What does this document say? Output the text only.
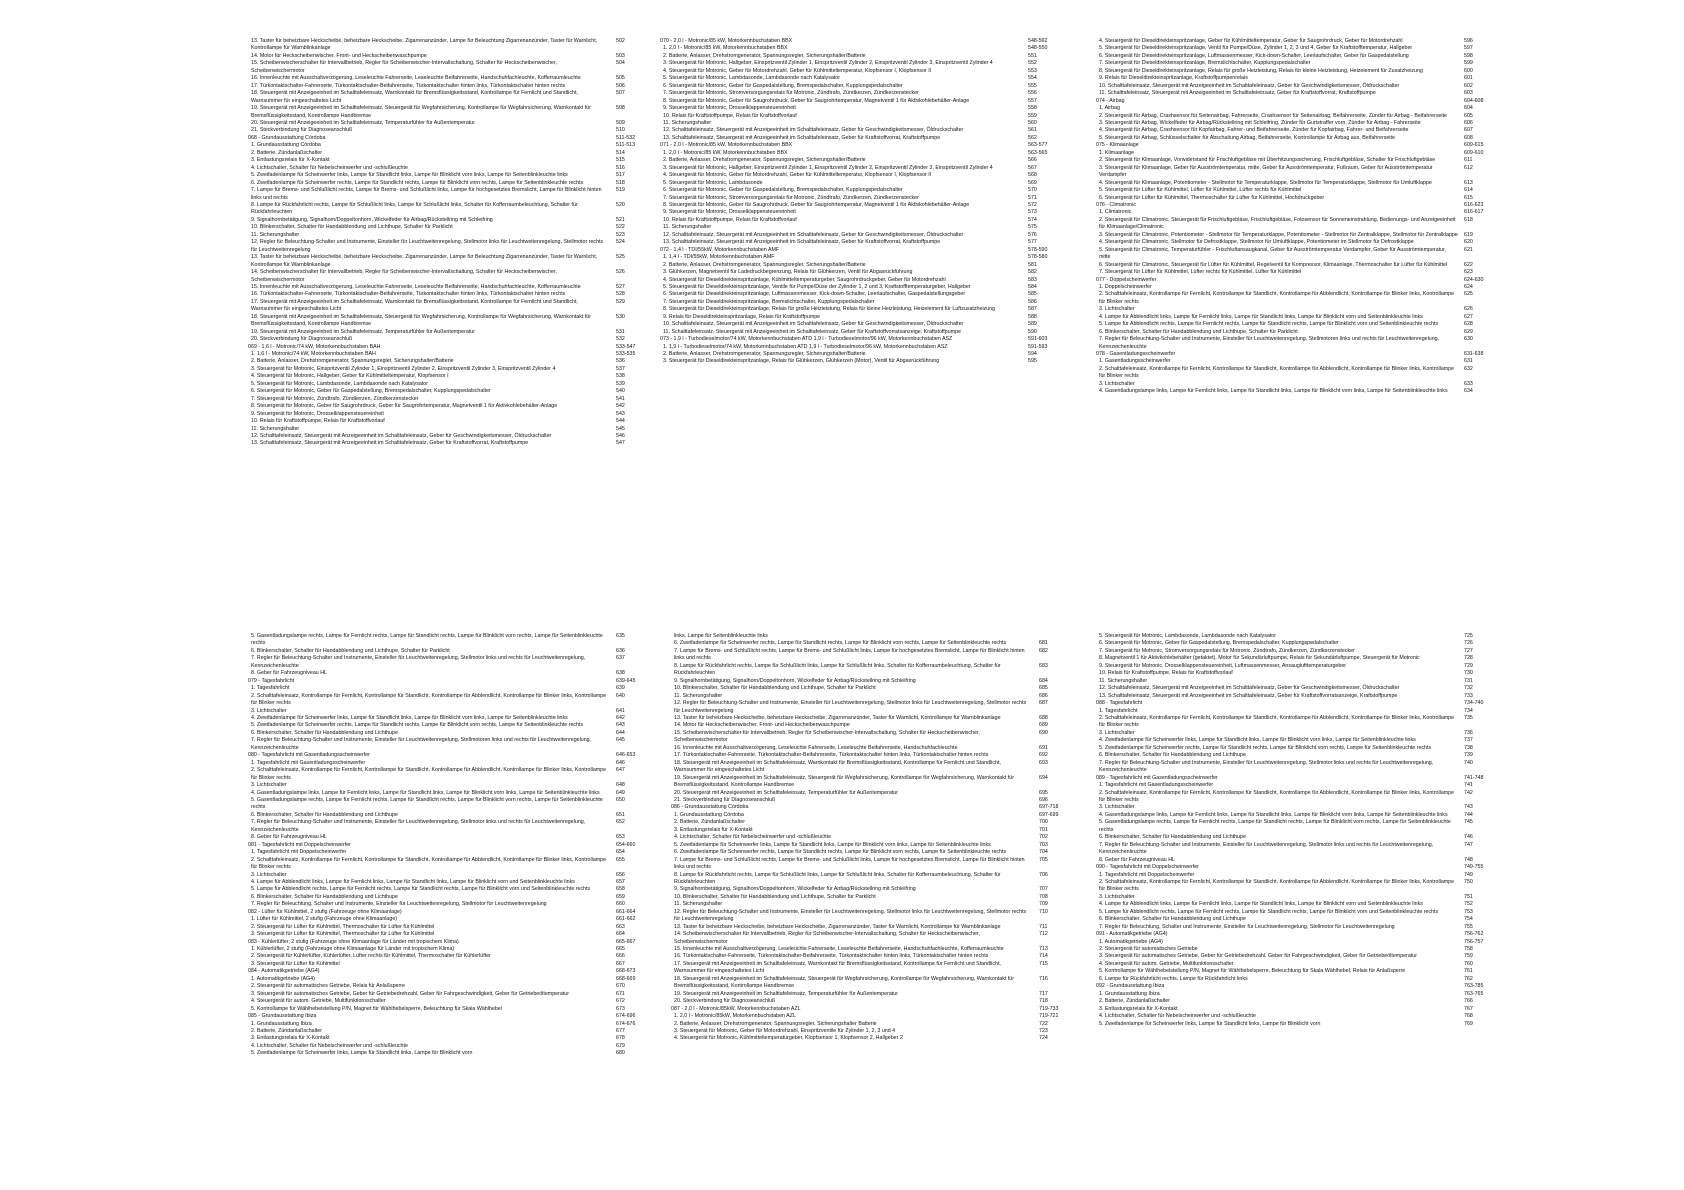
13. Taster für beheizbare Heckscheibe, beheizbare Heckscheibe, Zigarrenanzünder, Lampe für Beleuchtung Zigarrenanzünder, Taster für Warnlicht, Kontrollampe für Warnblinkanlage
502
14. Motor für Heckscheibenwischer, Front- und Heckscheibenwaschpumpe	503
15. Scheibenwischerschalter für Intervallbetrieb, Regler für Scheibenwischer-Intervallschaltung, Schalter für Heckscheibenwischer, Scheibenwischermotor
504
16. Innenleuchte mit Ausschaltverzögerung, Leseleuchte Fahrerseite, Leseleuchte Beifahrerseite, Handschuhfachleuchte, Kofferraumleuchte	505
17. Türkontaktschalter-Fahrerseite, Türkontaktschalter-Beifahrerseite, Türkontaktschalter hinten links, Türkontaktschalter hinten rechts	506
18. Steuergerät mit Anzeigeeinheit im Schalttafeleinsatz, Warnkontakt für Bremsflüssigkeitsstand, Kontrollampe für Fernlicht und Standlicht, Warnsummer für eingeschaltetes Licht
507
19. Steuergerät mit Anzeigeeinheit im Schalttafeleinsatz, Steuergerät für Wegfahrsicherung, Kontrollampe für Wegfahrsicherung, Warnkontakt für Bremsflüssigkeitsstand, Kontrollampe Handbremse
508
20. Steuergerät mit Anzeigeeinheit im Schalttafeleinsatz, Temperaturfühler für Außentemperatur	509
21. Steckverbindung für Diagnoseanschluß	510
068 - Grundausstattung Córdoba	511-532
1. Grundausstattung Córdoba	511-513
2. Batterie, Zündanlaßschalter	514
3. Entlastungsrelais für X-Kontakt	515
4. Lichtschalter, Schalter für Nebelscheinwerfer und -schlußleuchte	516
5. Zweifadenlampe für Scheinwerfer links, Lampe für Standlicht links, Lampe für Blinklicht vorn links, Lampe für Seitenblinkleuchte links	517
6. Zweifadenlampe für Scheinwerfer rechts, Lampe für Standlicht rechts, Lampe für Blinklicht vorn rechts, Lampe für Seitenblinkleuchte rechts	518
7. Lampe für Brems- und Schlußlicht rechts, Lampe für Brems- und Schlußlicht links, Lampe für hochgesetztes Bremslicht, Lampe für Blinklicht hinten links und rechts
519
8. Lampe für Rückfahrlicht rechts, Lampe für Schlußlicht links, Lampe für Schlußlicht links, Schalter für Kofferraumbeleuchtung, Schalter für Rückfahrleuchten
520
9. Signalhornbetätigung, Signalhorn/Doppeltonhorn, Wickelfeder für Airbag/Rückstellring mit Schleifring	521
10. Blinkerschalter, Schalter für Handabblendung und Lichthupe, Schalter für Parklicht	522
11. Sicherungshalter	523
12. Regler für Beleuchtung-Schalter und Instrumente, Einsteller für Leuchtweitenregelung, Stellmotor links für Leuchtweitenregelung, Stellmotor rechts für Leuchtweitenregelung
524
13. Taster für beheizbare Heckscheibe, beheizbare Heckscheibe, Zigarrenanzünder, Lampe für Beleuchtung Zigarrenanzünder, Taster für Warnlicht, Kontrollampe für Warnblinkanlage
525
14. Scheibenwischerschalter für Intervallbetrieb, Regler für Scheibenwischer-Intervallschaltung, Schalter für Heckscheibenwischer, Scheibenwischermotor
526
15. Innenleuchte mit Ausschaltverzögerung, Leseleuchte Fahrerseite, Leseleuchte Beifahrerseite, Handschuhfachleuchte, Kofferraumleuchte	527
16. Türkontaktschalter-Fahrerseite, Türkontaktschalter-Beifahrerseite, Türkontaktschalter hinten links, Türkontaktschalter hinten rechts	528
17. Steuergerät mit Anzeigeeinheit im Schalttafeleinsatz, Warnkontakt für Bremsflüssigkeitsstand, Kontrollampe für Fernlicht und Standlicht, Warnsummer für eingeschaltetes Licht
529
18. Steuergerät mit Anzeigeeinheit im Schalttafeleinsatz, Steuergerät für Wegfahrsicherung, Kontrollampe für Wegfahrsicherung, Warnkontakt für Bremsflüssigkeitsstand, Kontrollampe Handbremse
530
19. Steuergerät mit Anzeigeeinheit im Schalttafeleinsatz, Temperaturfühler für Außentemperatur	531
20. Steckverbindung für Diagnoseanschluß	532
069 - 1,6 l - Motronic/74 kW, Motorkennbuchstaben BAH	533-547
1. 1,6 l - Motronic/74 kW, Motorkennbuchstaben BAH	533-535
2. Batterie, Anlasser, Drehstromgenerator, Spannungsregler, Sicherungshalter/Batterie	536
3. Steuergerät für Motronic, Einspritzventil Zylinder 1, Einspritzventil Zylinder 2, Einspritzventil Zylinder 3, Einspritzventil Zylinder 4	537
4. Steuergerät für Motronic, Hallgeber, Geber für Kühlmitteltemperatur, Klopfsensor I	538
5. Steuergerät für Motronic, Lambdasonde, Lambdasonde nach Katalysator	539
6. Steuergerät für Motronic, Geber für Gaspedalstellung, Bremspedalschalter, Kupplungspedalschalter	540
7. Steuergerät für Motronic, Zündtrafo, Zündkerzen, Zündkerzenstecker	541
8. Steuergerät für Motronic, Geber für Saugrohrdruck, Geber für Saugrohrtemperatur, Magnetventil 1 für Aktivkohlebehälter-Anlage	542
9. Steuergerät für Motronic, Drosselklappensteuereinheit	543
10. Relais für Kraftstoffpumpe, Relais für Kraftstoffvorlauf	544
11. Sicherungshalter	545
12. Schalttafeleinsatz, Steuergerät mit Anzeigeeinheit im Schalttafeleinsatz, Geber für Geschwindigkeitsmesser, Öldruckschalter	546
13. Schalttafeleinsatz, Steuergerät mit Anzeigeeinheit im Schalttafeleinsatz, Geber für Kraftstoffvorrat, Kraftstoffpumpe	547
070 - 2,0 l - Motronic/85 kW, Motorkennbuchstaben BBX	548-562
1. 2,0 l - Motronic/85 kW, Motorkennbuchstaben BBX	548-550
2. Batterie, Anlasser, Drehstromgenerator, Spannungsregler, Sicherungshalter/Batterie	551
3. Steuergerät für Motronic, Hallgeber, Einspritzventil Zylinder 1, Einspritzventil Zylinder 2, Einspritzventil Zylinder 3, Einspritzventil Zylinder 4	552
4. Steuergerät für Motronic, Geber für Motordrehzahl, Geber für Kühlmitteltemperatur, Klopfsensor I, Klopfsensor II	553
5. Steuergerät für Motronic, Lambdasonde, Lambdasonde nach Katalysator	554
6. Steuergerät für Motronic, Geber für Gaspedalstellung, Bremspedalschalter, Kupplungspedalschalter	555
7. Steuergerät für Motronic, Stromversorgungsrelais für Motronic, Zündtrafo, Zündkerzen, Zündkerzenstecker	556
8. Steuergerät für Motronic, Geber für Saugrohrdruck, Geber für Saugrohrtemperatur, Magnetventil 1 für Aktivkohlebehälter-Anlage	557
9. Steuergerät für Motronic, Drosselklappensteuereinheit	558
10. Relais für Kraftstoffpumpe, Relais für Kraftstoffvorlauf	559
11. Sicherungshalter	560
12. Schalttafeleinsatz, Steuergerät mit Anzeigeeinheit im Schalttafeleinsatz, Geber für Geschwindigkeitsmesser, Öldruckschalter	561
13. Schalttafeleinsatz, Steuergerät mit Anzeigeeinheit im Schalttafeleinsatz, Geber für Kraftstoffvorrat, Kraftstoffpumpe	562
071 - 2,0 l - Motronic/85 kW, Motorkennbuchstaben BBX	563-577
1. 2,0 l - Motronic/85 kW, Motorkennbuchstaben BBX	563-565
2. Batterie, Anlasser, Drehstromgenerator, Spannungsregler, Sicherungshalter/Batterie	566
3. Steuergerät für Motronic, Hallgeber, Einspritzventil Zylinder 1, Einspritzventil Zylinder 2, Einspritzventil Zylinder 3, Einspritzventil Zylinder 4	567
4. Steuergerät für Motronic, Geber für Motordrehzahl, Geber für Kühlmitteltemperatur, Klopfsensor I, Klopfsensor II	568
5. Steuergerät für Motronic, Lambdasonde	569
6. Steuergerät für Motronic, Geber für Gaspedalstellung, Bremspedalschalter, Kupplungspedalschalter	570
7. Steuergerät für Motronic, Stromversorgungsrelais für Motronic, Zündtrafo, Zündkerzen, Zündkerzenstecker	571
8. Steuergerät für Motronic, Geber für Saugrohrdruck, Geber für Saugrohrtemperatur, Magnetventil 1 für Aktivkohlebehälter-Anlage	572
9. Steuergerät für Motronic, Drosselklappensteuereinheit	573
10. Relais für Kraftstoffpumpe, Relais für Kraftstoffvorlauf	574
11. Sicherungshalter	575
12. Schalttafeleinsatz, Steuergerät mit Anzeigeeinheit im Schalttafeleinsatz, Geber für Geschwindigkeitsmesser, Öldruckschalter	576
13. Schalttafeleinsatz, Steuergerät mit Anzeigeeinheit im Schalttafeleinsatz, Geber für Kraftstoffvorrat, Kraftstoffpumpe	577
072 - 1,4 l - TDI/55kW, Motorkennbuchstaben AMF	578-590
1. 1,4 l - TDI/55kW, Motorkennbuchstaben AMF	578-580
2. Batterie, Anlasser, Drehstromgenerator, Spannungsregler, Sicherungshalter/Batterie	581
3. Glühkerzen, Magnetventil für Ladedruckbegrenzung, Relais für Glühkerzen, Ventil für Abgasrückführung	582
4. Steuergerät für Dieseldirekteinspritzanlage, Kühlmitteltemperaturgeber, Saugrohrdruckgeber, Geber für Motordrehzahl	583
5. Steuergerät für Dieseldirekteinspritzanlage, Ventile für Pumpe/Düse der Zylinder 1, 2 und 3, Kraftstofftemperaturgeber, Hallgeber	584
6. Steuergerät für Dieseldirekteinspritzanlage, Luftmassenmesser, Kick-down-Schalter, Leerlaufschalter, Gaspedalstellungsgeber	585
7. Steuergerät für Dieseldirekteinspritzanlage, Bremslichtschalter, Kupplungspedalschalter	586
8. Steuergerät für Dieseldirekteinspritzanlage, Relais für große Heizleistung, Relais für kleine Heizleistung, Heizelement für Luftzusatzheizung	587
9. Relais für Dieseldirekteinspritzanlage, Relais für Kraftstoffpumpe	588
10. Schalttafeleinsatz, Steuergerät mit Anzeigeeinheit im Schalttafeleinsatz, Geber für Geschwindigkeitsmesser, Öldruckschalter	589
11. Schalttafeleinsatz, Steuergerät mit Anzeigeeinheit im Schalttafeleinsatz, Geber für Kraftstoffvorratsanzeige, Kraftstoffpumpe	590
073 - 1,9 l - Turbodieselmotor/74 kW, Motorkennbuchstaben ATD 1,9 l - Turbodieselmotor/96 kW, Motorkennbuchstaben ASZ	591-603
1. 1,9 l - Turbodieselmotor/74 kW, Motorkennbuchstaben ATD 1,9 l - Turbodieselmotor/96 kW, Motorkennbuchstaben ASZ	591-593
2. Batterie, Anlasser, Drehstromgenerator, Spannungsregler, Sicherungshalter/Batterie	594
3. Steuergerät für Dieseldirekteinspritzanlage, Relais für Glühkerzen, Glühkerzen (Motor), Ventil für Abgasrückführung	595
4. Steuergerät für Dieseldirekteinspritzanlage, Geber für Kühlmitteltemperatur, Geber für Saugrohrdruck, Geber für Motordrehzahl	596
5. Steuergerät für Dieseldirekteinspritzanlage, Ventil für Pumpe/Düse, Zylinder 1, 2, 3 und 4, Geber für Kraftstofftemperatur, Hallgeber	597
6. Steuergerät für Dieseldirekteinspritzanlage, Luftmassenmesser, Kick-down-Schalter, Leerlaufschalter, Geber für Gaspedalstellung	598
7. Steuergerät für Dieseldirekteinspritzanlage, Bremslichtschalter, Kupplungspedalschalter	599
8. Steuergerät für Dieseldirekteinspritzanlage, Relais für große Heizleistung, Relais für kleine Heizleistung, Heizelement für Zusatzheizung	600
9. Relais für Dieseldirekteinspritzanlage, Kraftstoffpumpenrelais	601
10. Schalttafeleinsatz, Steuergerät mit Anzeigeeinheit im Schalttafeleinsatz, Geber für Geschwindigkeitsmesser, Öldruckschalter	602
11. Schalttafeleinsatz, Steuergerät mit Anzeigeeinheit im Schalttafeleinsatz, Geber für Kraftstoffvorrat, Kraftstoffpumpe	603
074 - Airbag	604-608
1. Airbag	604
2. Steuergerät für Airbag, Crashsensor für Seitenairbag, Fahrerseite, Crashsensor für Seitenairbag, Beifahrerseite, Zünder für Airbag - Beifahrerseite	605
3. Steuergerät für Airbag, Wickelfeder für Airbag/Rückstellring mit Schleifring, Zünder für Gurtstraffer vorn, Zünder für Airbag - Fahrerseite	606
4. Steuergerät für Airbag, Crashsensor für Kopfairbag, Fahrer- und Beifahrerseite, Zünder für Kopfairbag, Fahrer- und Beifahrerseite	607
5. Steuergerät für Airbag, Schlüsselschalter für Abschaltung Airbag, Beifahrerseite, Kontrollampe für Airbag aus, Beifahrerseite	608
075 - Klimaanlage	609-615
1. Klimaanlage	609-610
2. Steuergerät für Klimaanlage, Vorwiderstand für Frischluftgebläse mit Überhitzungssicherung, Frischluftgebläse, Schalter für Frischluftgebläse	611
3. Steuergerät für Klimaanlage, Geber für Ausströmtemperatur, mitte, Geber für Ausströmtemperatur, Fußraum, Geber für Ausströmtemperatur Verdampfer
612
4. Steuergerät für Klimaanlage, Potentiometer - Stellmotor für Temperaturklappe, Stellmotor für Temperaturklappe, Stellmotor für Umluftklappe	613
5. Steuergerät für Lüfter für Kühlmittel, Lüfter für Kühlmittel, Lüfter rechts für Kühlmittel	614
6. Steuergerät für Lüfter für Kühlmittel, Thermoschalter für Lüfter für Kühlmittel, Hochdruckgeber	615
076 - Climatronic	616-623
1. Climatronic	616-617
2. Steuergerät für Climatronic, Steuergerät für Frischluftgebläse, Frischluftgebläse, Fotosensor für Sonneneinstrahlung, Bedienungs- und Anzeigeeinheit für Klimaanlage/Climatronic
618
3. Steuergerät für Climatronic, Potentiometer - Stellmotor für Temperaturklappe, Potentiometer - Stellmotor für Zentralklappe, Stellmotor für Zentralklappe	619
4. Steuergerät für Climatronic, Stellmotor für Defrostklappe, Stellmotor für Umluftklappe, Potentiometer im Stellmotor für Defrostklappe	620
5. Steuergerät für Climatronic, Temperaturfühler - Frischluftansaugkanal, Geber für Ausströmtemperatur Verdampfer, Geber für Ausströmtemperatur, mitte
621
6. Steuergerät für Climatronic, Steuergerät für Lüfter für Kühlmittel, Regelventil für Kompressor, Klimaanlage, Thermoschalter für Lüfter für Kühlmittel	622
7. Steuergerät für Lüfter für Kühlmittel, Lüfter rechts für Kühlmittel, Lüfter für Kühlmittel	623
077 - Doppelscheinwerfer	624-630
1. Doppelscheinwerfer	624
2. Schalttafeleinsatz, Kontrollampe für Fernlicht, Kontrollampe für Standlicht, Kontrollampe für Abblendlicht, Kontrollampe für Blinker links, Kontrollampe für Blinker rechts
625
3. Lichtschalter	626
4. Lampe für Abblendlicht links, Lampe für Fernlicht links, Lampe für Standlicht links, Lampe für Blinklicht vorn und Seitenblinkleuchte links	627
5. Lampe für Abblendlicht rechts, Lampe für Fernlicht rechts, Lampe für Standlicht rechts, Lampe für Blinklicht vorn und Seitenblinkleuchte rechts	628
6. Blinkerschalter, Schalter für Handabblendung und Lichthupe, Schalter für Parklicht	629
7. Regler für Beleuchtung-Schalter und Instrumente, Einsteller für Leuchtweitenregelung, Stellmotoren links und rechts für Leuchtweitenregelung, Kennzeichenleuchte
630
078 - Gasentladungsscheinwerfer	631-638
1. Gasentladungsscheinwerfer	631
2. Schalttafeleinsatz, Kontrollampe für Fernlicht, Kontrollampe für Standlicht, Kontrollampe für Abblendlicht, Kontrollampe für Blinker links, Kontrollampe für Blinker rechts
632
3. Lichtschalter	633
4. Gasentladungslampe links, Lampe für Fernlicht links, Lampe für Standlicht links, Lampe für Blinklicht vorn links, Lampe für Seitenblinkleuchte links	634
5. Gasentladungslampe rechts, Lampe für Fernlicht rechts, Lampe für Standlicht rechts, Lampe für Blinklicht vorn rechts, Lampe für Seitenblinkleuchte rechts
635
6. Blinkerschalter, Schalter für Handabblendung und Lichthupe, Schalter für Parklicht	636
7. Regler für Beleuchtung-Schalter und Instrumente, Einsteller für Leuchtweitenregelung, Stellmotor links und rechts für Leuchtweitenregelung, Kennzeichenleuchte
637
8. Geber für Fahrzeugniveau HL	638
079 - Tagesfahrlicht	639-645
1. Tagesfahrlicht	639
2. Schalttafeleinsatz, Kontrollampe für Fernlicht, Kontrollampe für Standlicht, Kontrollampe für Abblendlicht, Kontrollampe für Blinker links, Kontrollampe für Blinker rechts
640
3. Lichtschalter	641
4. Zweifadenlampe für Scheinwerfer links, Lampe für Standlicht links, Lampe für Blinklicht vorn links, Lampe für Seitenblinkleuchte links	642
5. Zweifadenlampe für Scheinwerfer rechts, Lampe für Standlicht rechts, Lampe für Blinklicht vorn rechts, Lampe für Seitenblinkleuchte rechts	643
6. Blinkerschalter, Schalter für Handabblendung und Lichthupe	644
7. Regler für Beleuchtung-Schalter und Instrumente, Einsteller für Leuchtweitenregelung, Stellmotoren links und rechts für Leuchtweitenregelung, Kennzeichenleuchte
645
080 - Tagesfahrlicht mit Gasentladungsscheinwerfer	646-653
1. Tagesfahrlicht mit Gasentladungsscheinwerfer	646
2. Schalttafeleinsatz, Kontrollampe für Fernlicht, Kontrollampe für Standlicht, Kontrollampe für Abblendlicht, Kontrollampe für Blinker links, Kontrollampe für Blinker rechts
647
3. Lichtschalter	648
4. Gasentladungslampe links, Lampe für Fernlicht links, Lampe für Standlicht links, Lampe für Blinklicht vorn links, Lampe für Seitenblinkleuchte links	649
5. Gasentladungslampe rechts, Lampe für Fernlicht rechts, Lampe für Standlicht rechts, Lampe für Blinklicht vorn rechts, Lampe für Seitenblinkleuchte rechts
650
6. Blinkerschalter, Schalter für Handabblendung und Lichthupe	651
7. Regler für Beleuchtung-Schalter und Instrumente, Einsteller für Leuchtweitenregelung, Stellmotor links und rechts für Leuchtweitenregelung, Kennzeichenleuchte
652
8. Geber für Fahrzeugniveau HL	653
081 - Tagesfahrlicht mit Doppelscheinwerfer	654-660
1. Tagesfahrlicht mit Doppelscheinwerfer	654
2. Schalttafeleinsatz, Kontrollampe für Fernlicht, Kontrollampe für Standlicht, Kontrollampe für Abblendlicht, Kontrollampe für Blinker links, Kontrollampe für Blinker rechts
655
3. Lichtschalter	656
4. Lampe für Abblendlicht links, Lampe für Fernlicht links, Lampe für Standlicht links, Lampe für Blinklicht vorn und Seitenblinkleuchte links	657
5. Lampe für Abblendlicht rechts, Lampe für Fernlicht rechts, Lampe für Standlicht rechts, Lampe für Blinklicht vorn und Seitenblinkleuchte rechts	658
6. Blinkerschalter, Schalter für Handabblendung und Lichthupe	659
7. Regler für Beleuchtung, Schalter und Instrumente, Einsteller für Leuchtweitenregelung, Stellmotor für Leuchtweitenregelung	660
082 - Lüfter für Kühlmittel, 2 stufig (Fahrzeuge ohne Klimaanlage)	661-664
1. Lüfter für Kühlmittel, 2 stufig (Fahrzeuge ohne Klimaanlage)	661-662
2. Steuergerät für Lüfter für Kühlmittel, Thermoschalter für Lüfter für Kühlmittel	663
3. Steuergerät für Lüfter für Kühlmittel, Thermoschalter für Lüfter für Kühlmittel	664
083 - Kühlerlüfter, 2 stufig (Fahrzeuge ohne Klimaanlage für Länder mit tropischem Klima)	665-667
1. Kühlerlüfter, 2 stufig (Fahrzeuge ohne Klimaanlage für Länder mit tropischem Klima)	665
2. Steuergerät für Kühlerlüfter, Kühlerlüfter, Lüfter rechts für Kühlmittel, Thermoschalter für Kühlerlüfter	666
3. Steuergerät für Lüfter für Kühlmittel	667
084 - Automatikgetriebe (AG4)	668-673
1. Automatikgetriebe (AG4)	668-669
2. Steuergerät für automatisches Getriebe, Relais für Anlaßsperre	670
3. Steuergerät für automatisches Getriebe, Geber für Getriebedrehzahl, Geber für Fahrgeschwindigkeit, Geber für Getriebeöltemperatur	671
4. Steuergerät für autom. Getriebe, Multifunktionsschalter	672
5. Kontrollampe für Wählhebelstellung P/N, Magnet für Wählhebelsperre, Beleuchtung für Skala Wählhebel	673
085 - Grundausstattung Ibiza	674-696
1. Grundausstattung Ibiza	674-676
2. Batterie, Zündanlaßschalter	677
3. Entlastungsrelais für X-Kontakt	678
4. Lichtschalter, Schalter für Nebelscheinwerfer und -schlußleuchte	679
5. Zweifadenlampe für Scheinwerfer links, Lampe für Standlicht links, Lampe für Blinklicht vorn	680
links, Lampe für Seitenblinkleuchte links
6. Zweifadenlampe für Scheinwerfer rechts, Lampe für Standlicht rechts, Lampe für Blinklicht vorn rechts, Lampe für Seitenblinkleuchte rechts	681
7. Lampe für Brems- und Schlußlicht rechts, Lampe für Brems- und Schlußlicht links, Lampe für hochgesetztes Bremslicht, Lampe für Blinklicht hinten links und rechts
682
8. Lampe für Rückfahrlicht rechts, Lampe für Schlußlicht links, Lampe für Schlußlicht links, Schalter für Kofferraumbeleuchtung, Schalter für Rückfahrleuchten
683
9. Signalhornbetätigung, Signalhorn/Doppeltonhorn, Wickelfeder für Airbag/Rückstellring mit Schleifring	684
10. Blinkerschalter, Schalter für Handabblendung und Lichthupe, Schalter für Parklicht	685
11. Sicherungshalter	686
12. Regler für Beleuchtung-Schalter und Instrumente, Einsteller für Leuchtweitenregelung, Stellmotor links für Leuchtweitenregelung, Stellmotor rechts für Leuchtweitenregelung
687
13. Taster für beheizbare Heckscheibe, beheizbare Heckscheibe, Zigarrenanzünder, Taster für Warnlicht, Kontrollampe für Warnblinkanlage	688
14. Motor für Heckscheibenwischer, Front- und Heckscheibenwaschpumpe	689
15. Scheibenwischerschalter für Intervallbetrieb, Regler für Scheibenwischer-Intervallschaltung, Schalter für Heckscheibenwischer, Scheibenwischermotor
690
16. Innenleuchte mit Ausschaltverzögerung, Leseleuchte Fahrerseite, Leseleuchte Beifahrerseite, Handschuhfachleuchte	691
17. Türkontaktschalter-Fahrerseite, Türkontaktschalter-Beifahrerseite, Türkontaktschalter hinten links, Türkontaktschalter hinten rechts	692
18. Steuergerät mit Anzeigeeinheit im Schalttafeleinsatz, Warnkontakt für Bremsflüssigkeitsstand, Kontrollampe für Fernlicht und Standlicht, Warnsummer für eingeschaltetes Licht
693
19. Steuergerät mit Anzeigeeinheit im Schalttafeleinsatz, Steuergerät für Wegfahrsicherung, Kontrollampe für Wegfahrsicherung, Warnkontakt für Bremsflüssigkeitsstand, Kontrollampe Handbremse
694
20. Steuergerät mit Anzeigeeinheit im Schalttafeleinsatz, Temperaturfühler für Außentemperatur	695
21. Steckverbindung für Diagnoseanschluß	696
086 - Grundausstattung Córdoba	697-718
1. Grundausstattung Córdoba	697-699
2. Batterie, Zündanlaßschalter	700
3. Entlastungsrelais für X-Kontakt	701
4. Lichtschalter, Schalter für Nebelscheinwerfer und -schlußleuchte	702
5. Zweifadenlampe für Scheinwerfer links, Lampe für Standlicht links, Lampe für Blinklicht vorn links, Lampe für Seitenblinkleuchte links	703
6. Zweifadenlampe für Scheinwerfer rechts, Lampe für Standlicht rechts, Lampe für Blinklicht vorn rechts, Lampe für Seitenblinkleuchte rechts	704
7. Lampe für Brems- und Schlußlicht rechts, Lampe für Brems- und Schlußlicht links, Lampe für hochgesetztes Bremslicht, Lampe für Blinklicht hinten links und rechts
705
8. Lampe für Rückfahrlicht rechts, Lampe für Schlußlicht links, Lampe für Schlußlicht links, Schalter für Kofferraumbeleuchtung, Schalter für Rückfahrleuchten
706
9. Signalhornbetätigung, Signalhorn/Doppeltonhorn, Wickelfeder für Airbag/Rückstellring mit Schleifring	707
10. Blinkerschalter, Schalter für Handabblendung und Lichthupe, Schalter für Parklicht	708
11. Sicherungshalter	709
12. Regler für Beleuchtung-Schalter und Instrumente, Einsteller für Leuchtweitenregelung, Stellmotor links für Leuchtweitenregelung, Stellmotor rechts für Leuchtweitenregelung
710
13. Taster für beheizbare Heckscheibe, beheizbare Heckscheibe, Zigarrenanzünder, Taster für Warnlicht, Kontrollampe für Warnblinkanlage	711
14. Scheibenwischerschalter für Intervallbetrieb, Regler für Scheibenwischer-Intervallschaltung, Schalter für Heckscheibenwischer, Scheibenwischermotor
712
15. Innenleuchte mit Ausschaltverzögerung, Leseleuchte Fahrerseite, Leseleuchte Beifahrerseite, Handschuhfachleuchte, Kofferraumleuchte	713
16. Türkontaktschalter-Fahrerseite, Türkontaktschalter-Beifahrerseite, Türkontaktschalter hinten links, Türkontaktschalter hinten rechts	714
17. Steuergerät mit Anzeigeeinheit im Schalttafeleinsatz, Warnkontakt für Bremsflüssigkeitsstand, Kontrollampe für Fernlicht und Standlicht, Warnsummer für eingeschaltetes Licht
715
18. Steuergerät mit Anzeigeeinheit im Schalttafeleinsatz, Steuergerät für Wegfahrsicherung, Kontrollampe für Wegfahrsicherung, Warnkontakt für Bremsflüssigkeitsstand, Kontrollampe Handbremse
716
19. Steuergerät mit Anzeigeeinheit im Schalttafeleinsatz, Temperaturfühler für Außentemperatur	717
20. Steckverbindung für Diagnoseanschluß	718
087 - 2,0 l - Motronic/85kW, Motorkennbuchstaben AZL	719-733
1. 2,0 l - Motronic/85kW, Motorkennbuchstaben AZL	719-721
2. Batterie, Anlasser, Drehstromgenerator, Spannungsregler, Sicherungshalter Batterie	722
3. Steuergerät für Motronic, Geber für Motordrehzahl, Einspritzventile für Zylinder 1, 2, 3 und 4	723
4. Steuergerät für Motronic, Kühlmitteltemperaturgeber, Klopfsensor 1, Klopfsensor 2, Hallgeber 2	724
5. Steuergerät für Motronic, Lambdasonde, Lambdasonde nach Katalysator	725
6. Steuergerät für Motronic, Geber für Gaspedalstellung, Bremspedalschalter, Kupplungspedalschalter	726
7. Steuergerät für Motronic, Stromversorgungsrelais für Motronic, Zündtrafo, Zündkerzen, Zündkerzenstecker	727
8. Magnetventil 1 für Aktivkohlebehälter (getaktet), Motor für Sekundärluftpumpe, Relais für Sekundärluftpumpe, Steuergerät für Motronic	728
9. Steuergerät für Motronic, Drosselklappensteuereinheit, Luftmassenmesser, Ansauglufttemperaturgeber	729
10. Relais für Kraftstoffpumpe, Relais für Kraftstoffvorlauf	730
11. Sicherungshalter	731
12. Schalttafeleinsatz, Steuergerät mit Anzeigeeinheit im Schalttafeleinsatz, Geber für Geschwindigkeitsmesser, Öldruckschalter	732
13. Schalttafeleinsatz, Steuergerät mit Anzeigeeinheit im Schalttafeleinsatz, Geber für Kraftstoffvorratsanzeige, Kraftstoffpumpe	733
088 - Tagesfahrlicht	734-740
1. Tagesfahrlicht	734
2. Schalttafeleinsatz, Kontrollampe für Fernlicht, Kontrollampe für Standlicht, Kontrollampe für Abblendlicht, Kontrollampe für Blinker links, Kontrollampe für Blinker rechts
735
3. Lichtschalter	736
4. Zweifadenlampe für Scheinwerfer links, Lampe für Standlicht links, Lampe für Blinklicht vorn links, Lampe für Seitenblinkleuchte links	737
5. Zweifadenlampe für Scheinwerfer rechts, Lampe für Standlicht rechts, Lampe für Blinklicht vorn rechts, Lampe für Seitenblinkleuchte rechts	738
6. Blinkerschalter, Schalter für Handabblendung und Lichthupe	739
7. Regler für Beleuchtung-Schalter und Instrumente, Einsteller für Leuchtweitenregelung, Stellmotor links und rechts für Leuchtweitenregelung, Kennzeichenleuchte
740
089 - Tagesfahrlicht mit Gasentladungsscheinwerfer	741-748
1. Tagesfahrlicht mit Gasentladungsscheinwerfer	741
2. Schalttafeleinsatz, Kontrollampe für Fernlicht, Kontrollampe für Standlicht, Kontrollampe für Abblendlicht, Kontrollampe für Blinker links, Kontrollampe für Blinker rechts
742
3. Lichtschalter	743
4. Gasentladungslampe links, Lampe für Fernlicht links, Lampe für Standlicht links, Lampe für Blinklicht vorn links, Lampe für Seitenblinkleuchte links	744
5. Gasentladungslampe rechts, Lampe für Fernlicht rechts, Lampe für Standlicht rechts, Lampe für Blinklicht vorn rechts, Lampe für Seitenblinkleuchte rechts
745
6. Blinkerschalter, Schalter für Handabblendung und Lichthupe	746
7. Regler für Beleuchtung-Schalter und Instrumente, Einsteller für Leuchtweitenregelung, Stellmotor links und rechts für Leuchtweitenregelung, Kennzeichenleuchte
747
8. Geber für Fahrzeugniveau HL	748
090 - Tagesfahrlicht mit Doppelscheinwerfer	749-755
1. Tagesfahrlicht mit Doppelscheinwerfer	749
2. Schalttafeleinsatz, Kontrollampe für Fernlicht, Kontrollampe für Standlicht, Kontrollampe für Abblendlicht, Kontrollampe für Blinker links, Kontrollampe für Blinker rechts
750
3. Lichtschalter	751
4. Lampe für Abblendlicht links, Lampe für Fernlicht links, Lampe für Standlicht links, Lampe für Blinklicht vorn und Seitenblinkleuchte links	752
5. Lampe für Abblendlicht rechts, Lampe für Fernlicht rechts, Lampe für Standlicht rechts, Lampe für Blinklicht vorn und Seitenblinkleuchte rechts	753
6. Blinkerschalter, Schalter für Handabblendung und Lichthupe	754
7. Regler für Beleuchtung, Schalter und Instrumente, Einsteller für Leuchtweitenregelung, Stellmotor für Leuchtweitenregelung	755
091 - Automatikgetriebe (AG4)	756-762
1. Automatikgetriebe (AG4)	756-757
2. Steuergerät für automatisches Getriebe	758
3. Steuergerät für automatisches Getriebe, Geber für Getriebedrehzahl, Geber für Fahrgeschwindigkeit, Geber für Getriebeöltemperatur	759
4. Steuergerät für autom. Getriebe, Multifunktionsschalter	760
5. Kontrollampe für Wählhebelstellung P/N, Magnet für Wählhebelsperre, Beleuchtung für Skala Wählhebel, Relais für Anlaßsperre	761
6. Lampe für Rückfahrlicht rechts, Lampe für Rückfahrlicht links	762
092 - Grundausstattung Ibiza	763-785
1. Grundausstattung Ibiza	763-765
2. Batterie, Zündanlaßschalter	766
3. Entlastungsrelais für X-Kontakt	767
4. Lichtschalter, Schalter für Nebelscheinwerfer und -schlußleuchte	768
5. Zweifadenlampe für Scheinwerfer links, Lampe für Standlicht links, Lampe für Blinklicht vorn	769
